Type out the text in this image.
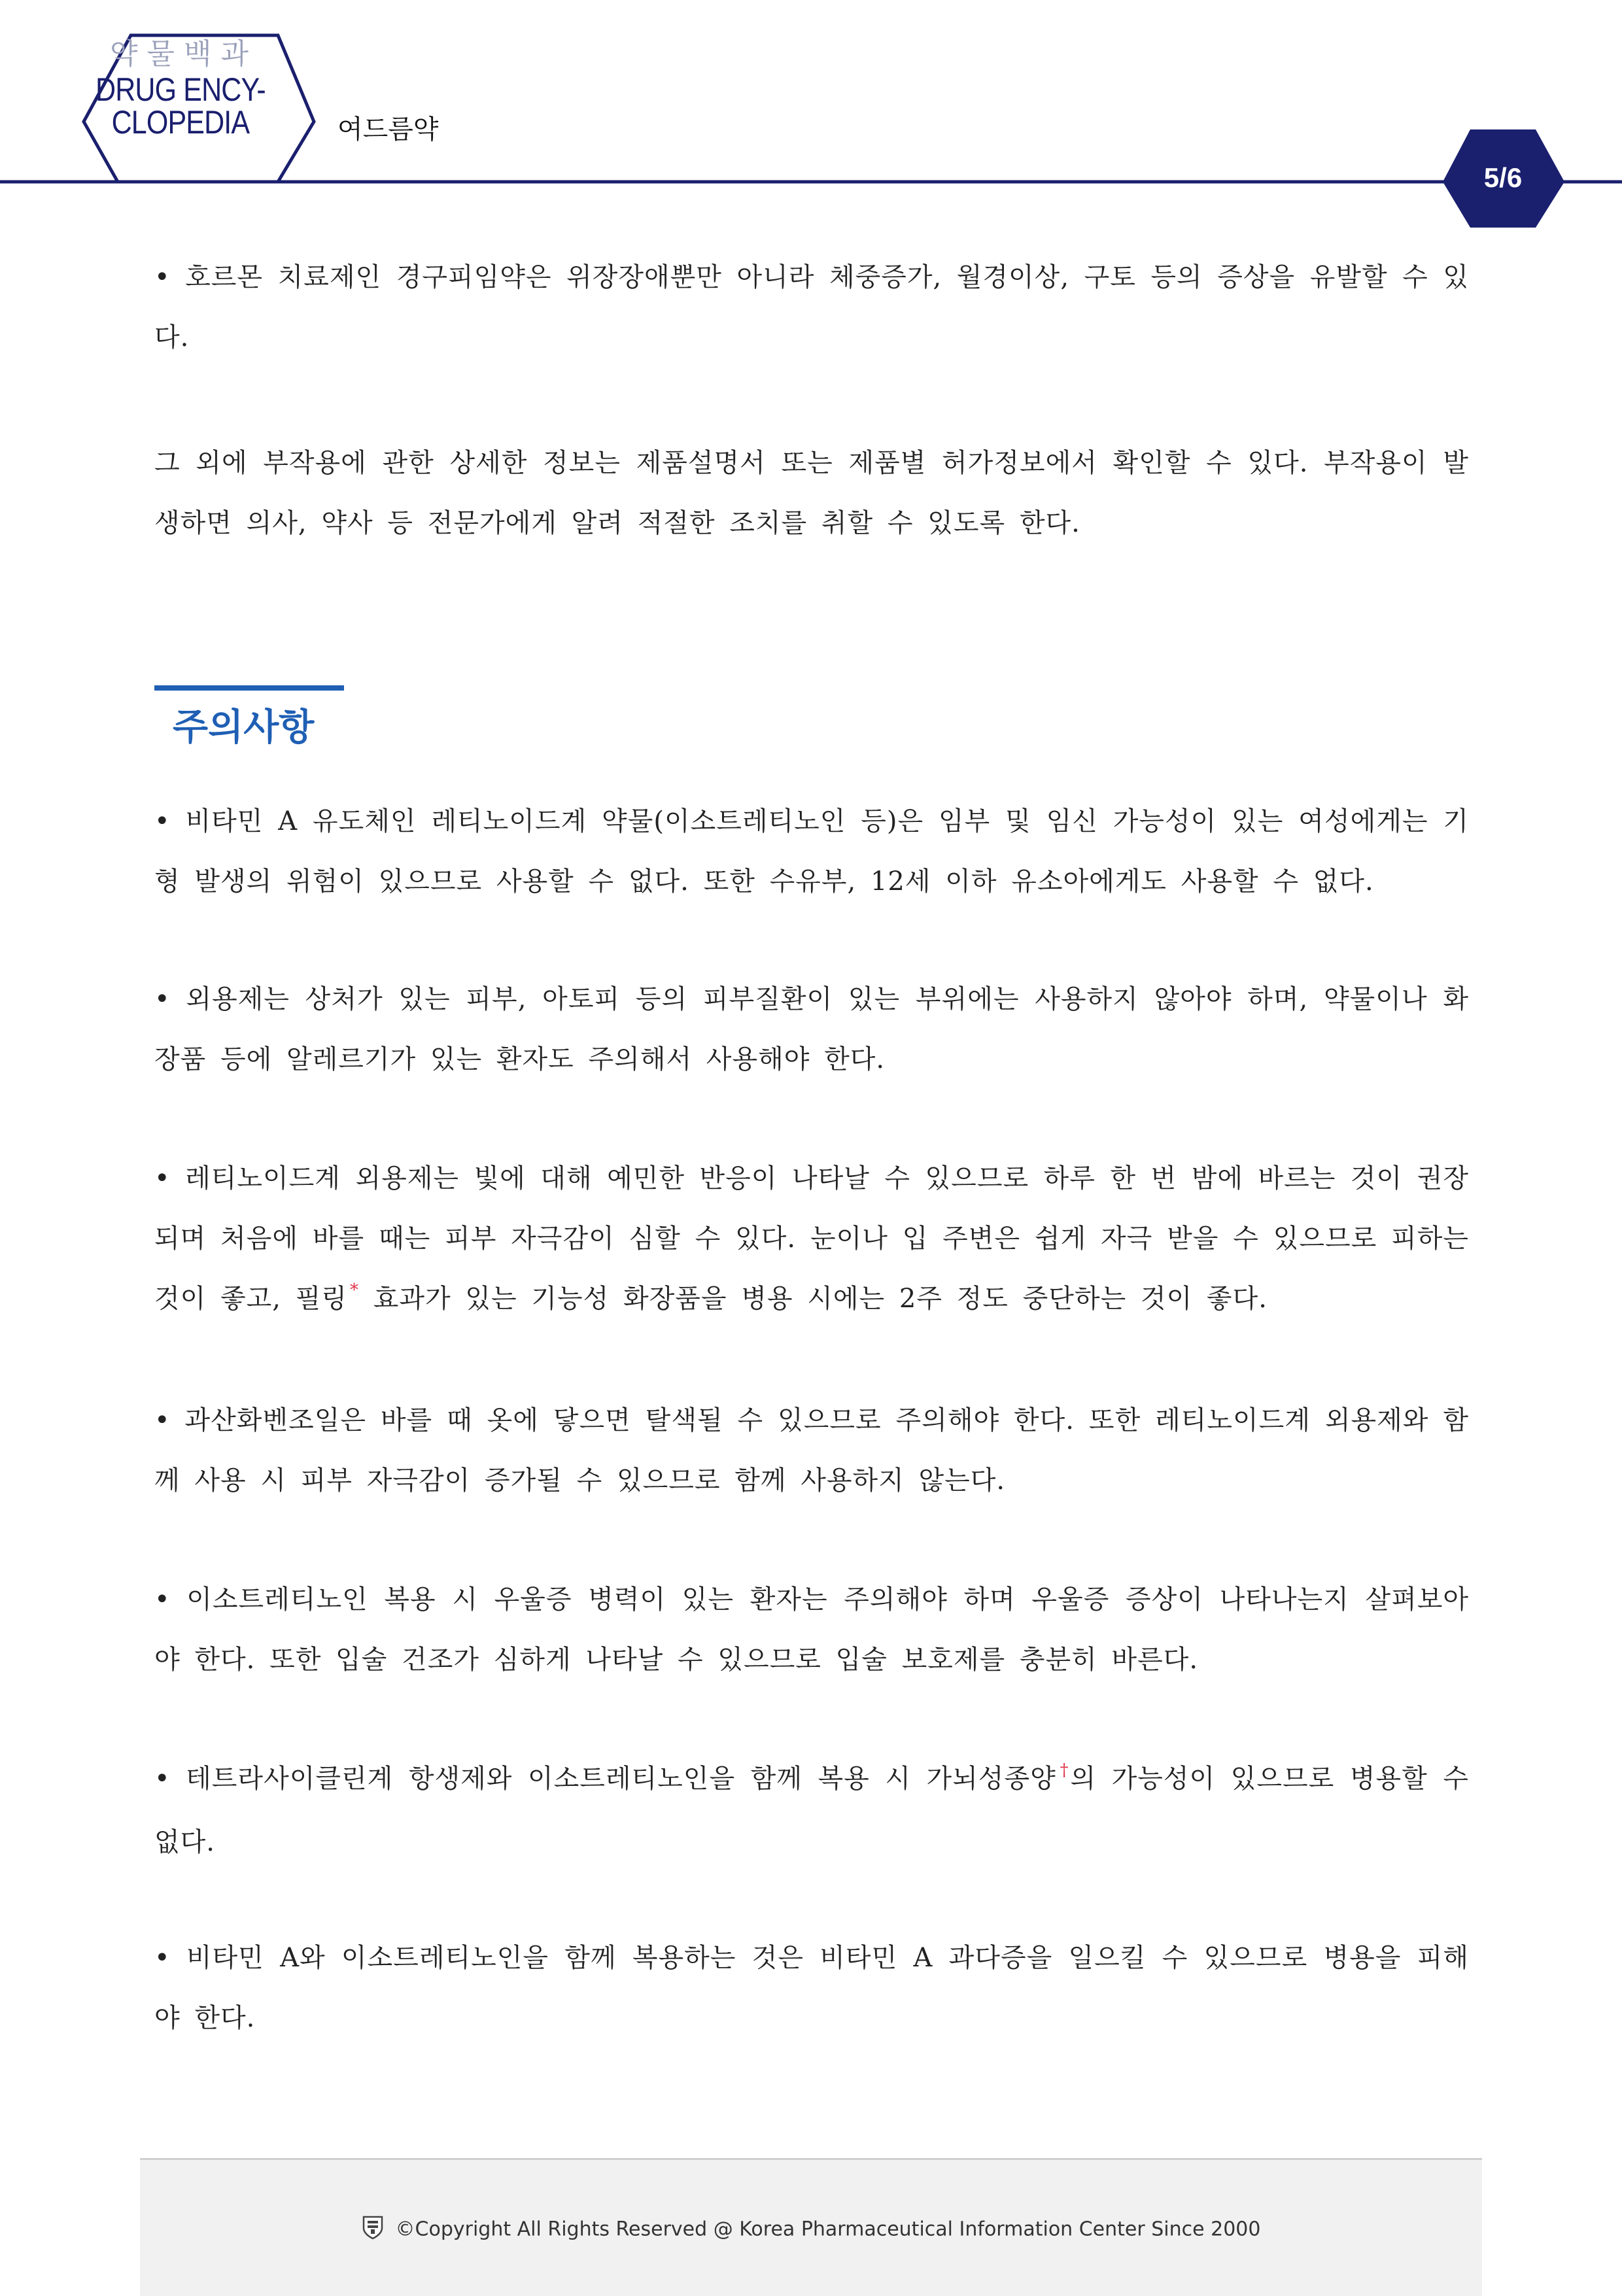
약물백과
DRUG ENCY-
CLOPEDIA	여드름약
5/6

• 호르몬 치료제인 경구피임약은 위장장애뿐만 아니라 체중증가, 월경이상, 구토 등의 증상을 유발할 수 있다.

그 외에 부작용에 관한 상세한 정보는 제품설명서 또는 제품별 허가정보에서 확인할 수 있다. 부작용이 발생하면 의사, 약사 등 전문가에게 알려 적절한 조치를 취할 수 있도록 한다.

주의사항

• 비타민 A 유도체인 레티노이드계 약물(이소트레티노인 등)은 임부 및 임신 가능성이 있는 여성에게는 기형 발생의 위험이 있으므로 사용할 수 없다. 또한 수유부, 12세 이하 유소아에게도 사용할 수 없다.

• 외용제는 상처가 있는 피부, 아토피 등의 피부질환이 있는 부위에는 사용하지 않아야 하며, 약물이나 화장품 등에 알레르기가 있는 환자도 주의해서 사용해야 한다.

• 레티노이드계 외용제는 빛에 대해 예민한 반응이 나타날 수 있으므로 하루 한 번 밤에 바르는 것이 권장되며 처음에 바를 때는 피부 자극감이 심할 수 있다. 눈이나 입 주변은 쉽게 자극 받을 수 있으므로 피하는 것이 좋고, 필링 * 효과가 있는 기능성 화장품을 병용 시에는 2주 정도 중단하는 것이 좋다.

• 과산화벤조일은 바를 때 옷에 닿으면 탈색될 수 있으므로 주의해야 한다. 또한 레티노이드계 외용제와 함께 사용 시 피부 자극감이 증가될 수 있으므로 함께 사용하지 않는다.

• 이소트레티노인 복용 시 우울증 병력이 있는 환자는 주의해야 하며 우울증 증상이 나타나는지 살펴보아야 한다. 또한 입술 건조가 심하게 나타날 수 있으므로 입술 보호제를 충분히 바른다.

• 테트라사이클린계 항생제와 이소트레티노인을 함께 복용 시 가뇌성종양 †의 가능성이 있으므로 병용할 수 없다.

• 비타민 A와 이소트레티노인을 함께 복용하는 것은 비타민 A 과다증을 일으킬 수 있으므로 병용을 피해야 한다.

©Copyright All Rights Reserved @ Korea Pharmaceutical Information Center Since 2000
